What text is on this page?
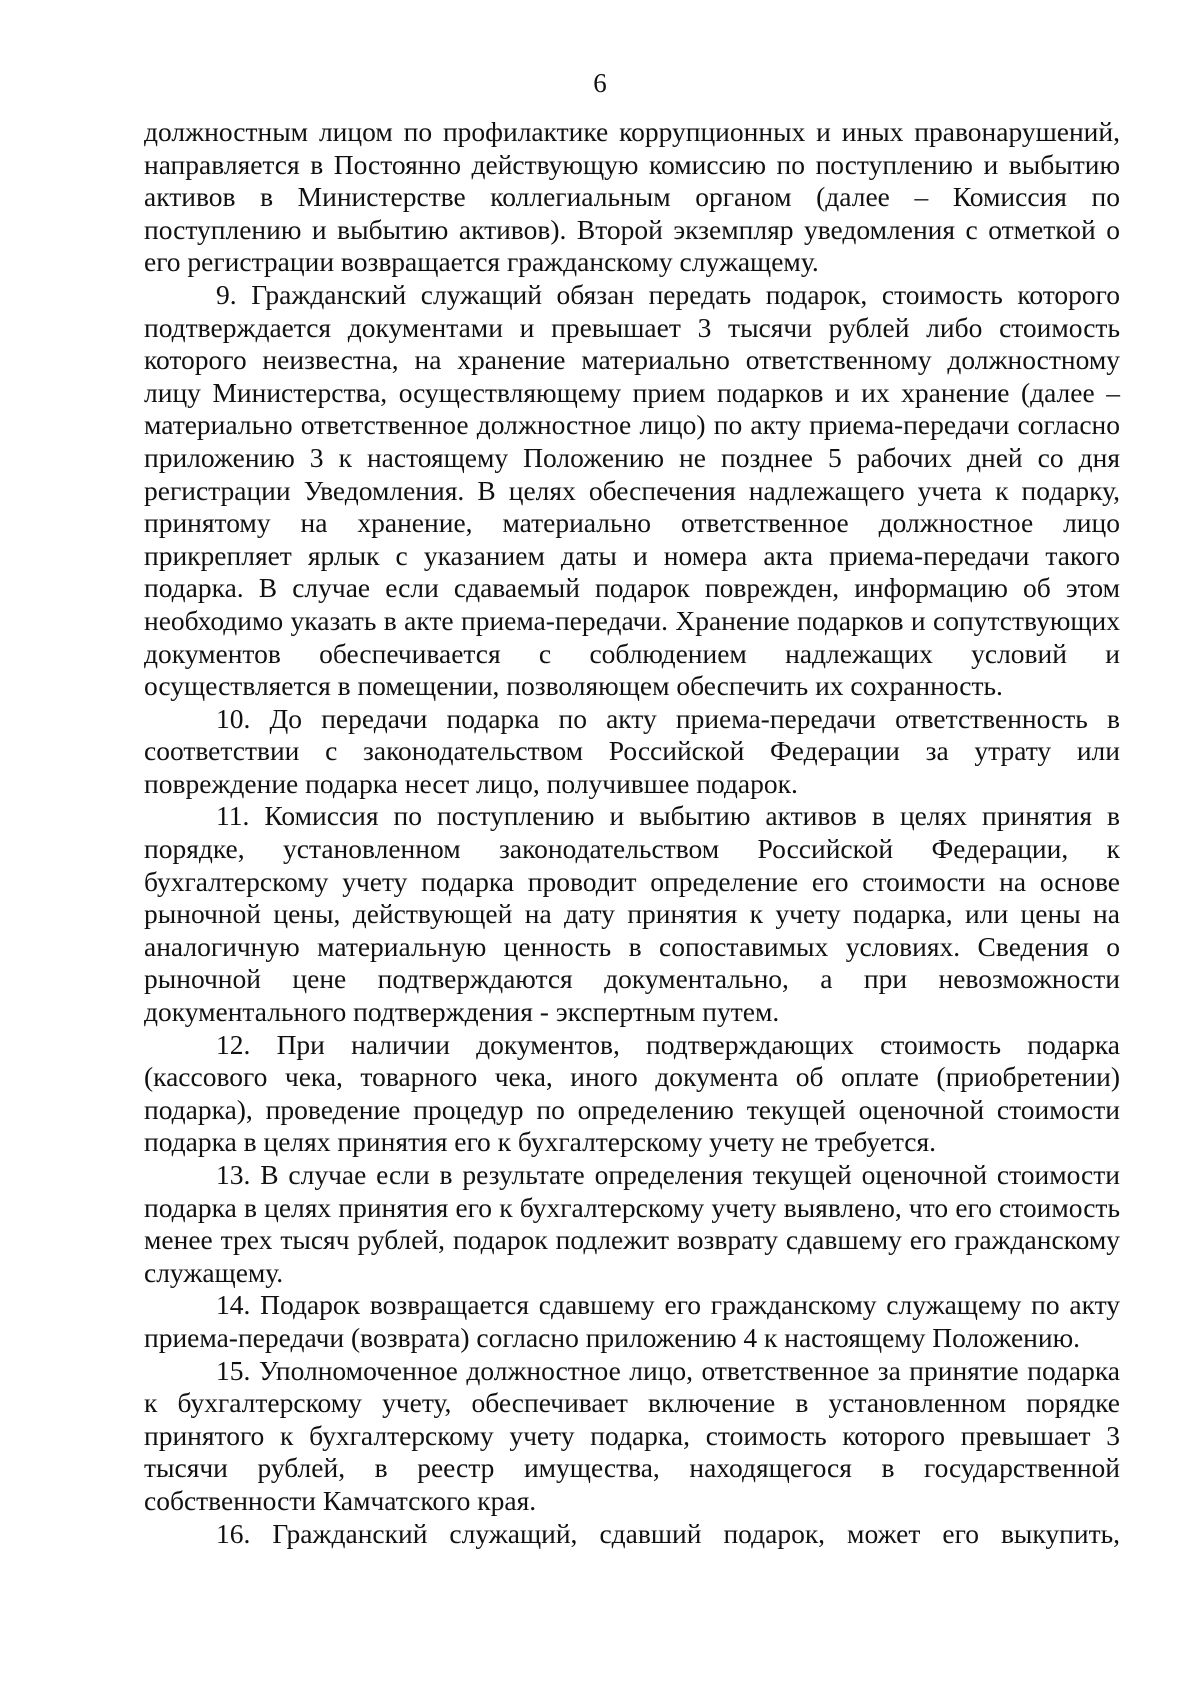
6

должностным лицом по профилактике коррупционных и иных правонарушений, направляется в Постоянно действующую комиссию по поступлению и выбытию активов в Министерстве коллегиальным органом (далее – Комиссия по поступлению и выбытию активов). Второй экземпляр уведомления с отметкой о его регистрации возвращается гражданскому служащему.

9. Гражданский служащий обязан передать подарок, стоимость которого подтверждается документами и превышает 3 тысячи рублей либо стоимость которого неизвестна, на хранение материально ответственному должностному лицу Министерства, осуществляющему прием подарков и их хранение (далее – материально ответственное должностное лицо) по акту приема-передачи согласно приложению 3 к настоящему Положению не позднее 5 рабочих дней со дня регистрации Уведомления. В целях обеспечения надлежащего учета к подарку, принятому на хранение, материально ответственное должностное лицо прикрепляет ярлык с указанием даты и номера акта приема-передачи такого подарка. В случае если сдаваемый подарок поврежден, информацию об этом необходимо указать в акте приема-передачи. Хранение подарков и сопутствующих документов обеспечивается с соблюдением надлежащих условий и осуществляется в помещении, позволяющем обеспечить их сохранность.

10. До передачи подарка по акту приема-передачи ответственность в соответствии с законодательством Российской Федерации за утрату или повреждение подарка несет лицо, получившее подарок.

11. Комиссия по поступлению и выбытию активов в целях принятия в порядке, установленном законодательством Российской Федерации, к бухгалтерскому учету подарка проводит определение его стоимости на основе рыночной цены, действующей на дату принятия к учету подарка, или цены на аналогичную материальную ценность в сопоставимых условиях. Сведения о рыночной цене подтверждаются документально, а при невозможности документального подтверждения - экспертным путем.

12. При наличии документов, подтверждающих стоимость подарка (кассового чека, товарного чека, иного документа об оплате (приобретении) подарка), проведение процедур по определению текущей оценочной стоимости подарка в целях принятия его к бухгалтерскому учету не требуется.

13. В случае если в результате определения текущей оценочной стоимости подарка в целях принятия его к бухгалтерскому учету выявлено, что его стоимость менее трех тысяч рублей, подарок подлежит возврату сдавшему его гражданскому служащему.

14. Подарок возвращается сдавшему его гражданскому служащему по акту приема-передачи (возврата) согласно приложению 4 к настоящему Положению.

15. Уполномоченное должностное лицо, ответственное за принятие подарка к бухгалтерскому учету, обеспечивает включение в установленном порядке принятого к бухгалтерскому учету подарка, стоимость которого превышает 3 тысячи рублей, в реестр имущества, находящегося в государственной собственности Камчатского края.

16. Гражданский служащий, сдавший подарок, может его выкупить,
